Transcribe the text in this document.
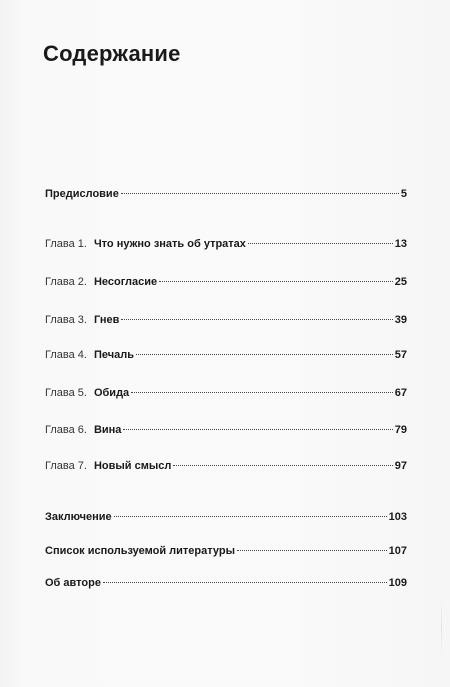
Содержание
Предисловие	5
Глава 1. Что нужно знать об утратах	13
Глава 2. Несогласие	25
Глава 3. Гнев	39
Глава 4. Печаль	57
Глава 5. Обида	67
Глава 6. Вина	79
Глава 7. Новый смысл	97
Заключение	103
Список используемой литературы	107
Об авторе	109
